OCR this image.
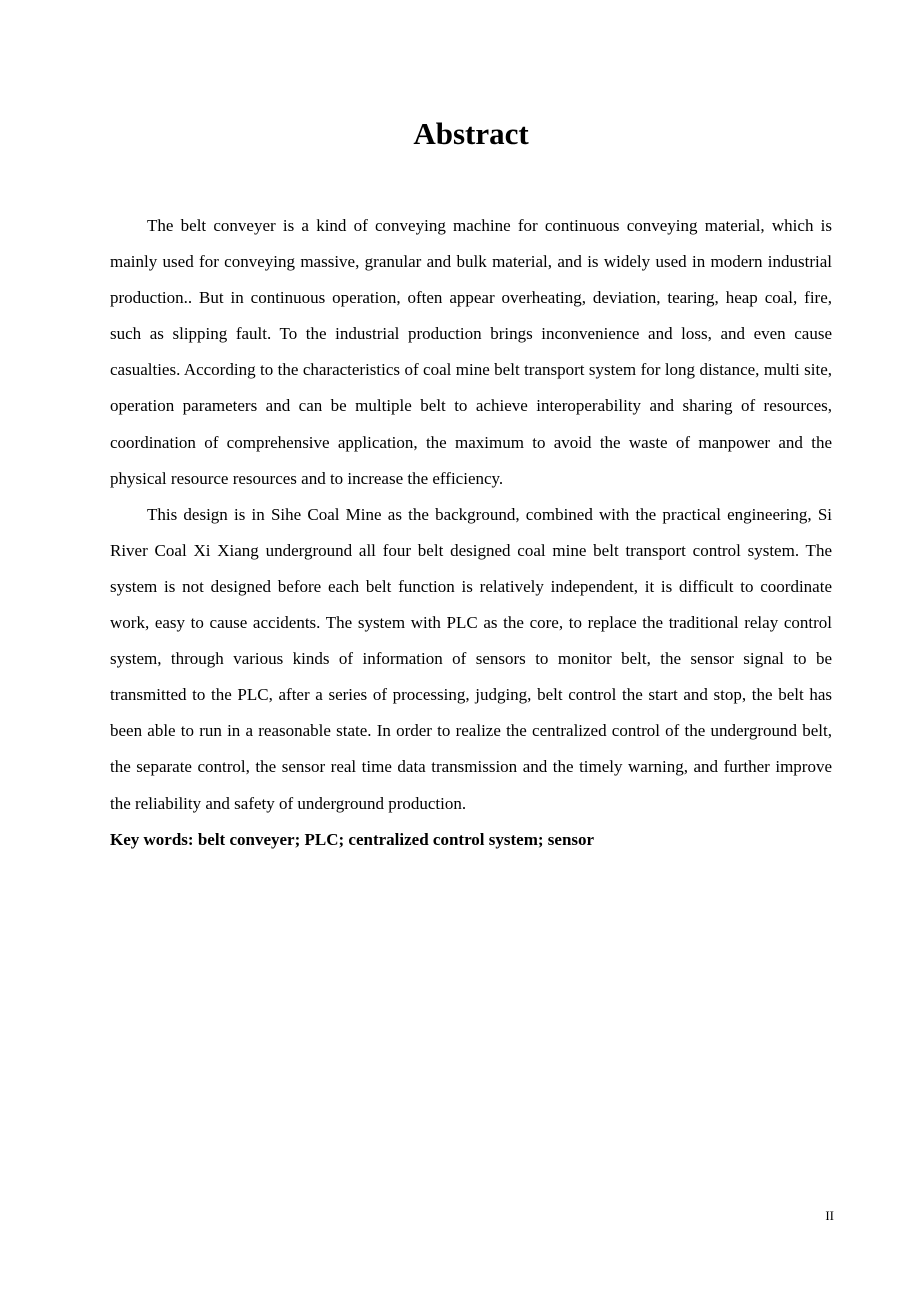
Abstract

The belt conveyer is a kind of conveying machine for continuous conveying material, which is mainly used for conveying massive, granular and bulk material, and is widely used in modern industrial production.. But in continuous operation, often appear overheating, deviation, tearing, heap coal, fire, such as slipping fault. To the industrial production brings inconvenience and loss, and even cause casualties. According to the characteristics of coal mine belt transport system for long distance, multi site, operation parameters and can be multiple belt to achieve interoperability and sharing of resources, coordination of comprehensive application, the maximum to avoid the waste of manpower and the physical resource resources and to increase the efficiency.

This design is in Sihe Coal Mine as the background, combined with the practical engineering, Si River Coal Xi Xiang underground all four belt designed coal mine belt transport control system. The system is not designed before each belt function is relatively independent, it is difficult to coordinate work, easy to cause accidents. The system with PLC as the core, to replace the traditional relay control system, through various kinds of information of sensors to monitor belt, the sensor signal to be transmitted to the PLC, after a series of processing, judging, belt control the start and stop, the belt has been able to run in a reasonable state. In order to realize the centralized control of the underground belt, the separate control, the sensor real time data transmission and the timely warning, and further improve the reliability and safety of underground production.

Key words: belt conveyer; PLC; centralized control system; sensor

II
